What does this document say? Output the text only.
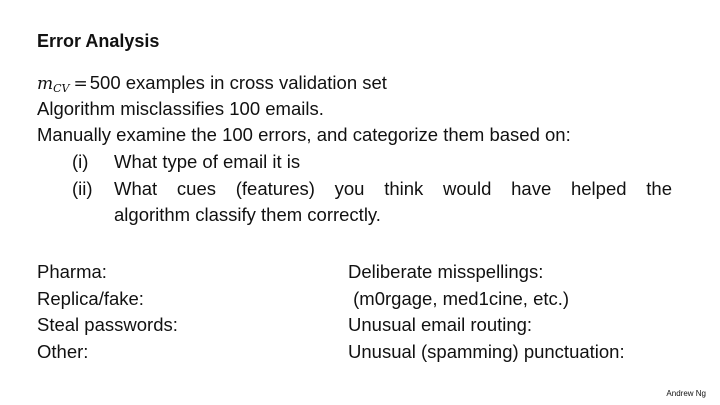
Error Analysis
$m_{CV} = 500$ examples in cross validation set
Algorithm misclassifies 100 emails.
Manually examine the 100 errors, and categorize them based on:
(i) What type of email it is
(ii)	What cues (features) you think would have helped the
algorithm classify them correctly.
Pharma:
Replica/fake:
Steal passwords:
Other:
Deliberate misspellings:
(m0rgage, med1cine, etc.)
Unusual email routing:
Unusual (spamming) punctuation:
Andrew Ng
